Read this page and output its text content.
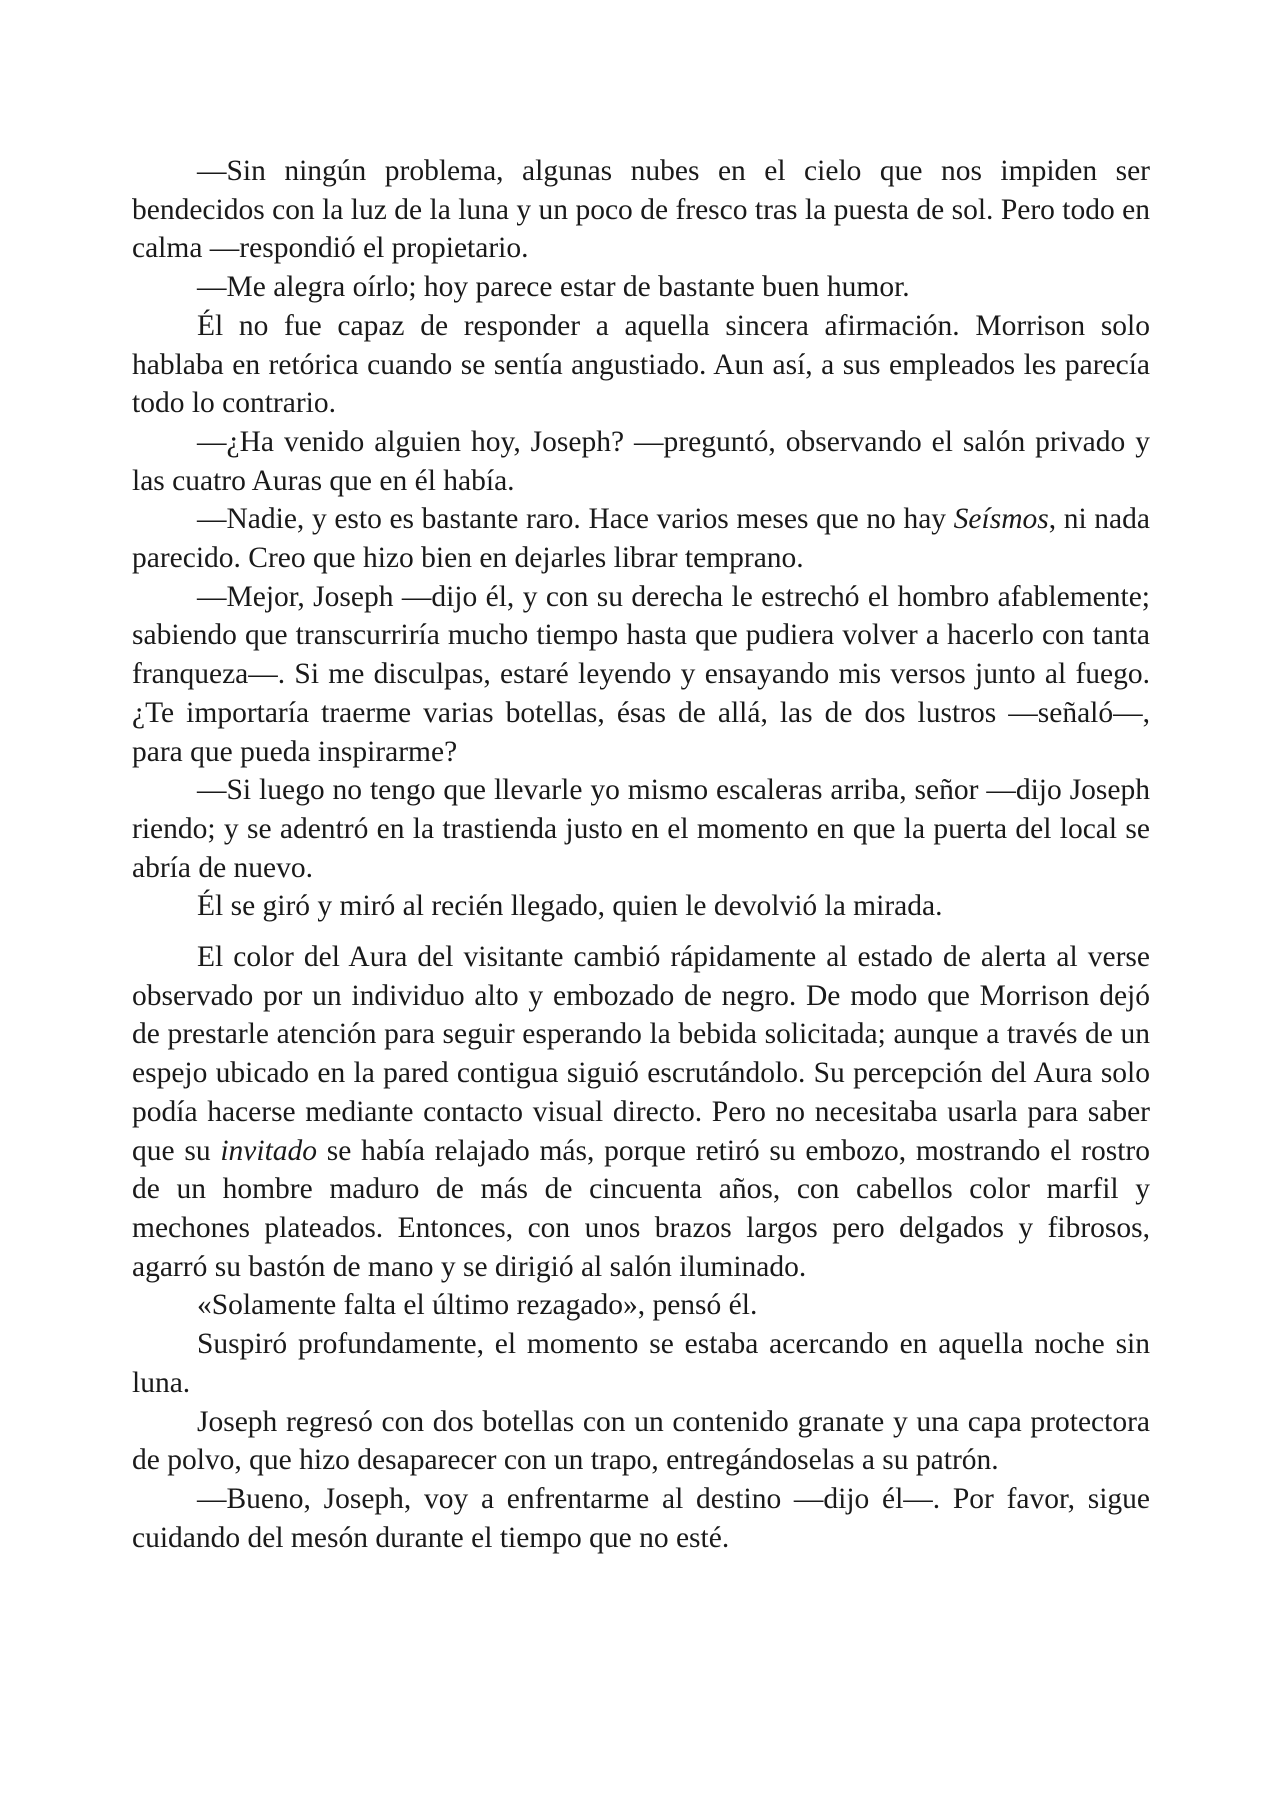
—Sin ningún problema, algunas nubes en el cielo que nos impiden ser bendecidos con la luz de la luna y un poco de fresco tras la puesta de sol. Pero todo en calma —respondió el propietario.

—Me alegra oírlo; hoy parece estar de bastante buen humor.

Él no fue capaz de responder a aquella sincera afirmación. Morrison solo hablaba en retórica cuando se sentía angustiado. Aun así, a sus empleados les parecía todo lo contrario.

—¿Ha venido alguien hoy, Joseph? —preguntó, observando el salón privado y las cuatro Auras que en él había.

—Nadie, y esto es bastante raro. Hace varios meses que no hay Seísmos, ni nada parecido. Creo que hizo bien en dejarles librar temprano.

—Mejor, Joseph —dijo él, y con su derecha le estrechó el hombro afablemente; sabiendo que transcurriría mucho tiempo hasta que pudiera volver a hacerlo con tanta franqueza—. Si me disculpas, estaré leyendo y ensayando mis versos junto al fuego. ¿Te importaría traerme varias botellas, ésas de allá, las de dos lustros —señaló—, para que pueda inspirarme?

—Si luego no tengo que llevarle yo mismo escaleras arriba, señor —dijo Joseph riendo; y se adentró en la trastienda justo en el momento en que la puerta del local se abría de nuevo.

Él se giró y miró al recién llegado, quien le devolvió la mirada.

El color del Aura del visitante cambió rápidamente al estado de alerta al verse observado por un individuo alto y embozado de negro. De modo que Morrison dejó de prestarle atención para seguir esperando la bebida solicitada; aunque a través de un espejo ubicado en la pared contigua siguió escrutándolo. Su percepción del Aura solo podía hacerse mediante contacto visual directo. Pero no necesitaba usarla para saber que su invitado se había relajado más, porque retiró su embozo, mostrando el rostro de un hombre maduro de más de cincuenta años, con cabellos color marfil y mechones plateados. Entonces, con unos brazos largos pero delgados y fibrosos, agarró su bastón de mano y se dirigió al salón iluminado.

«Solamente falta el último rezagado», pensó él.

Suspiró profundamente, el momento se estaba acercando en aquella noche sin luna.

Joseph regresó con dos botellas con un contenido granate y una capa protectora de polvo, que hizo desaparecer con un trapo, entregándoselas a su patrón.

—Bueno, Joseph, voy a enfrentarme al destino —dijo él—. Por favor, sigue cuidando del mesón durante el tiempo que no esté.
